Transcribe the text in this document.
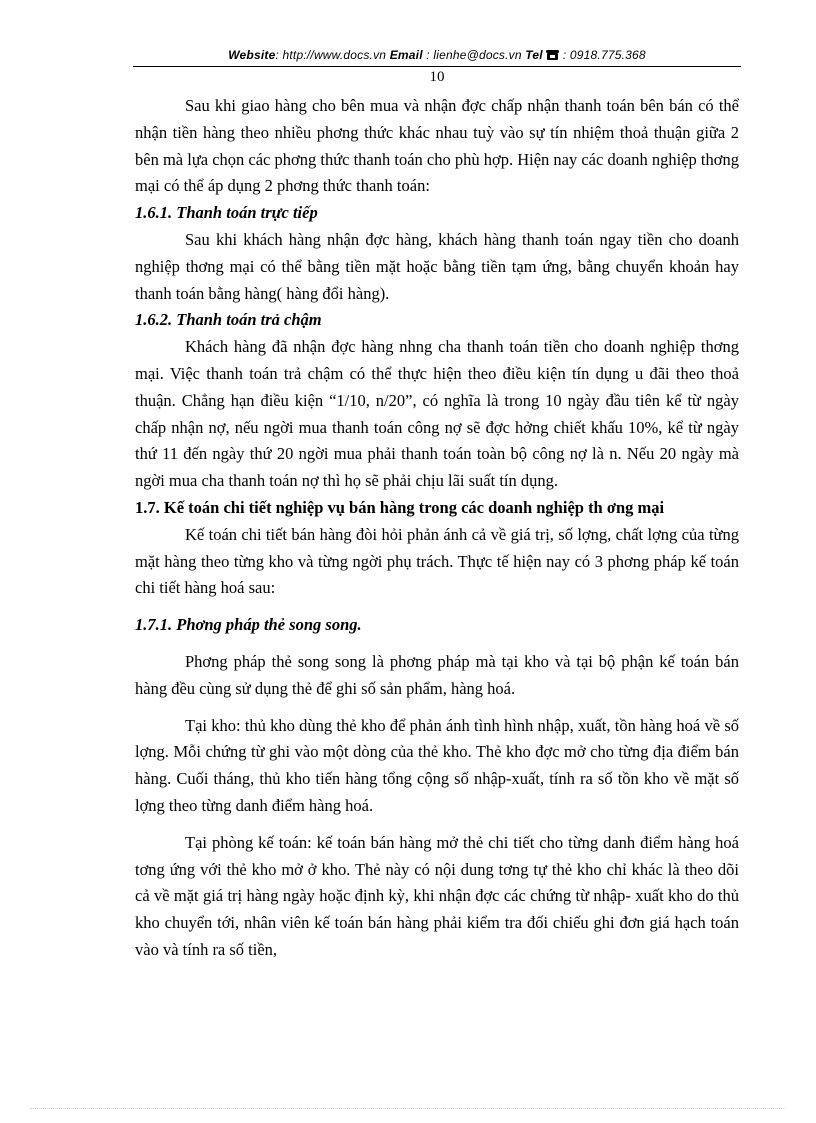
Website: http://www.docs.vn Email : lienhe@docs.vn Tel : 0918.775.368
10

Sau khi giao hàng cho bên mua và nhận đợc chấp nhận thanh toán bên bán có thể nhận tiền hàng theo nhiều phơng thức khác nhau tuỳ vào sự tín nhiệm thoả thuận giữa 2 bên mà lựa chọn các phơng thức thanh toán cho phù hợp. Hiện nay các doanh nghiệp thơng mại có thể áp dụng 2 phơng thức thanh toán:

1.6.1. Thanh toán trực tiếp

Sau khi khách hàng nhận đợc hàng, khách hàng thanh toán ngay tiền cho doanh nghiệp thơng mại có thể bằng tiền mặt hoặc bằng tiền tạm ứng, bằng chuyển khoản hay thanh toán bằng hàng( hàng đổi hàng).

1.6.2. Thanh toán trả chậm

Khách hàng đã nhận đợc hàng nhng cha thanh toán tiền cho doanh nghiệp thơng mại. Việc thanh toán trả chậm có thể thực hiện theo điều kiện tín dụng u đãi theo thoả thuận. Chẳng hạn điều kiện “1/10, n/20”, có nghĩa là trong 10 ngày đầu tiên kể từ ngày chấp nhận nợ, nếu ngời mua thanh toán công nợ sẽ đợc hởng chiết khấu 10%, kể từ ngày thứ 11 đến ngày thứ 20 ngời mua phải thanh toán toàn bộ công nợ là n. Nếu 20 ngày mà ngời mua cha thanh toán nợ thì họ sẽ phải chịu lãi suất tín dụng.

1.7. Kế toán chi tiết nghiệp vụ bán hàng trong các doanh nghiệp th ơng mại

Kế toán chi tiết bán hàng đòi hỏi phản ánh cả về giá trị, số lợng, chất lợng của từng mặt hàng theo từng kho và từng ngời phụ trách. Thực tế hiện nay có 3 phơng pháp kế toán chi tiết hàng hoá sau:

1.7.1. Phơng pháp thẻ song song.

Phơng pháp thẻ song song là phơng pháp mà tại kho và tại bộ phận kế toán bán hàng đều cùng sử dụng thẻ để ghi số sản phẩm, hàng hoá.

Tại kho: thủ kho dùng thẻ kho để phản ánh tình hình nhập, xuất, tồn hàng hoá về số lợng. Mỗi chứng từ ghi vào một dòng của thẻ kho. Thẻ kho đợc mở cho từng địa điểm bán hàng. Cuối tháng, thủ kho tiến hàng tổng cộng số nhập-xuất, tính ra số tồn kho về mặt số lợng theo từng danh điểm hàng hoá.

Tại phòng kế toán: kế toán bán hàng mở thẻ chi tiết cho từng danh điểm hàng hoá tơng ứng với thẻ kho mở ở kho. Thẻ này có nội dung tơng tự thẻ kho chỉ khác là theo dõi cả về mặt giá trị hàng ngày hoặc định kỳ, khi nhận đợc các chứng từ nhập- xuất kho do thủ kho chuyển tới, nhân viên kế toán bán hàng phải kiểm tra đối chiếu ghi đơn giá hạch toán vào và tính ra số tiền,
